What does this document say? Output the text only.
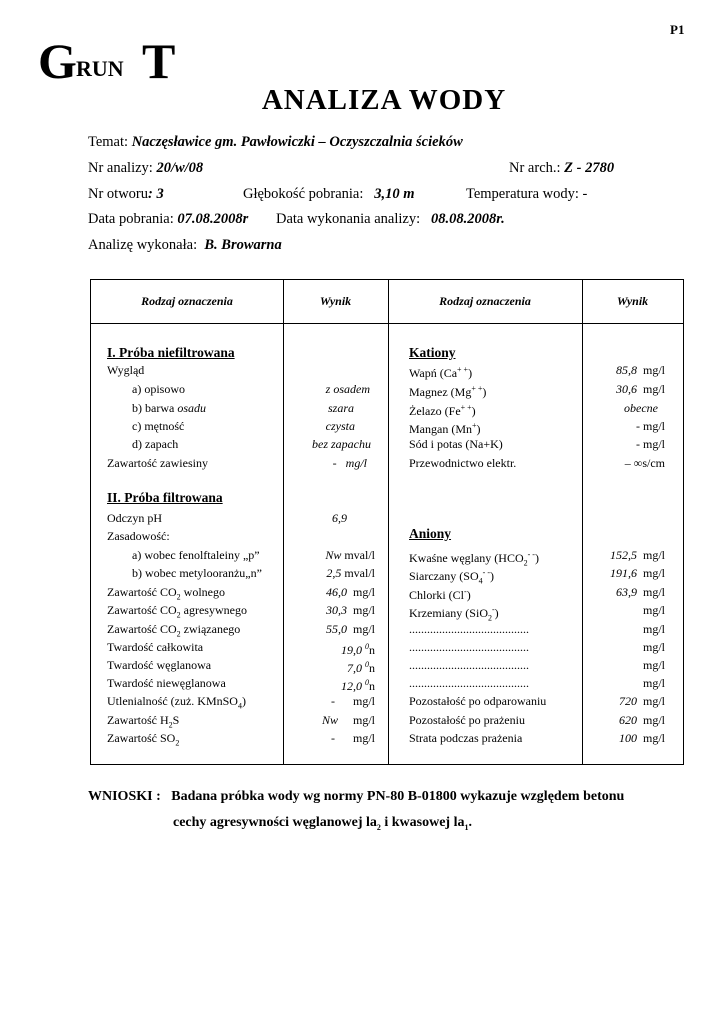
P1
G RUN T
ANALIZA WODY
Temat: Naczęsławice gm. Pawłowiczki – Oczyszczalnia ścieków
Nr analizy: 20/w/08	Nr arch.: Z - 2780
Nr otworu: 3	Głębokość pobrania: 3,10 m	Temperatura wody: -
Data pobrania: 07.08.2008r Data wykonania analizy: 08.08.2008r.
Analizę wykonała: B. Browarna
Rodzaj oznaczenia	Wynik	Rodzaj oznaczenia	Wynik
I. Próba niefiltrowana
Wygląd
a) opisowo	z osadem
b) barwa osadu	szara
c) mętność	czysta
d) zapach	bez zapachu
Zawartość zawiesiny	- mg/l
II. Próba filtrowana
Odczyn pH	6,9
Zasadowość:
a) wobec fenolftaleiny „p”	Nw mval/l
b) wobec metylooranżu„n”	2,5 mval/l
Zawartość $CO_2$ wolnego	46,0 mg/l
Zawartość $CO_2$ agresywnego	30,3 mg/l
Zawartość $CO_2$ związanego	55,0 mg/l
Twardość całkowita	19,0 $^0$n
Twardość węglanowa	7,0 $^0$n
Twardość niewęglanowa	12,0 $^0$n
Utlenialność (zuż. KMnSO$_4$)	- mg/l
Zawartość $H_2S$	Nw mg/l
Zawartość $SO_2$	- mg/l
Kationy
Wapń (Ca+ +)	85,8 mg/l
Magnez (Mg+ +)	30,6 mg/l
Żelazo (Fe+ +)	obecne
Mangan (Mn+)	- mg/l
Sód i potas (Na+K)	- mg/l
Przewodnictwo elektr.	– ∞s/cm
Aniony
Kwaśne węglany $(HCO_2^{- -})$	152,5 mg/l
Siarczany $(SO_4^{- -})$	191,6 mg/l
Chlorki (Cl-)	63,9 mg/l
Krzemiany (SiO$_2$-)	mg/l
........................................	mg/l
........................................	mg/l
........................................	mg/l
........................................	mg/l
Pozostałość po odparowaniu	720 mg/l
Pozostałość po prażeniu	620 mg/l
Strata podczas prażenia	100 mg/l
WNIOSKI : Badana próbka wody wg normy PN-80 B-01800 wykazuje względem betonu
cechy agresywności węglanowej $la_2$ i kwasowej $la_1$.
